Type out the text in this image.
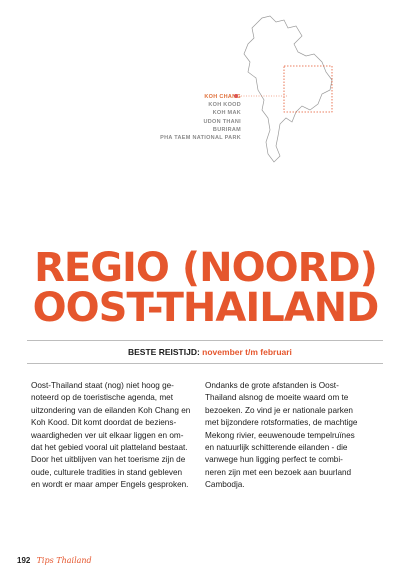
KOH CHANG
KOH KOOD
KOH MAK
UDON THANI
BURIRAM
PHA TAEM NATIONAL PARK
REGIO (NOORD)
OOST-THAILAND
BESTE REISTIJD: november t/m februari
Oost-Thailand staat (nog) niet hoog ge-
noteerd op de toeristische agenda, met
uitzondering van de eilanden Koh Chang en
Koh Kood. Dit komt doordat de beziens-
waardigheden ver uit elkaar liggen en om-
dat het gebied vooral uit platteland bestaat.
Door het uitblijven van het toerisme zijn de
oude, culturele tradities in stand gebleven
en wordt er maar amper Engels gesproken.
Ondanks de grote afstanden is Oost-
Thailand alsnog de moeite waard om te
bezoeken. Zo vind je er nationale parken
met bijzondere rotsformaties, de machtige
Mekong rivier, eeuwenoude tempelruïnes
en natuurlijk schitterende eilanden - die
vanwege hun ligging perfect te combi-
neren zijn met een bezoek aan buurland
Cambodja.
192 Tips Thailand
